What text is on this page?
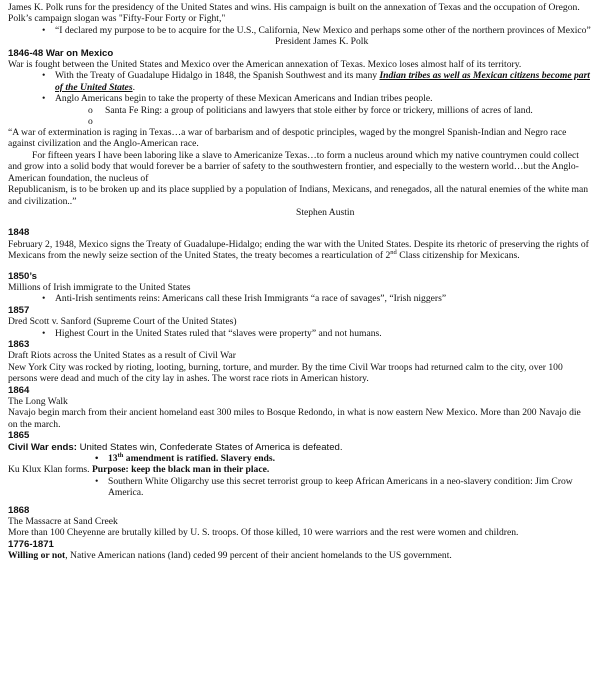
James K. Polk runs for the presidency of the United States and wins. His campaign is built on the annexation of Texas and the occupation of Oregon. Polk’s campaign slogan was "Fifty-Four Forty or Fight,"

• “I declared my purpose to be to acquire for the U.S., California, New Mexico and perhaps some other of the northern provinces of Mexico”

President James K. Polk

1846-48 War on Mexico

War is fought between the United States and Mexico over the American annexation of Texas. Mexico loses almost half of its territory.

• With the Treaty of Guadalupe Hidalgo in 1848, the Spanish Southwest and its many Indian tribes as well as Mexican citizens become part of the United States.

• Anglo Americans begin to take the property of these Mexican Americans and Indian tribes people.

o Santa Fe Ring: a group of politicians and lawyers that stole either by force or trickery, millions of acres of land.

o

“A war of extermination is raging in Texas…a war of barbarism and of despotic principles, waged by the mongrel Spanish-Indian and Negro race against civilization and the Anglo-American race.

For fifteen years I have been laboring like a slave to Americanize Texas…to form a nucleus around which my native countrymen could collect and grow into a solid body that would forever be a barrier of safety to the southwestern frontier, and especially to the western world…but the Anglo-American foundation, the nucleus of

Republicanism, is to be broken up and its place supplied by a population of Indians, Mexicans, and renegados, all the natural enemies of the white man and civilization..”

Stephen Austin

1848

February 2, 1948, Mexico signs the Treaty of Guadalupe-Hidalgo; ending the war with the United States. Despite its rhetoric of preserving the rights of Mexicans from the newly seize section of the United States, the treaty becomes a rearticulation of 2nd Class citizenship for Mexicans.

1850’s

Millions of Irish immigrate to the United States

• Anti-Irish sentiments reins: Americans call these Irish Immigrants “a race of savages”, “Irish niggers”

1857

Dred Scott v. Sanford (Supreme Court of the United States)

• Highest Court in the United States ruled that “slaves were property” and not humans.

1863

Draft Riots across the United States as a result of Civil War

New York City was rocked by rioting, looting, burning, torture, and murder. By the time Civil War troops had returned calm to the city, over 100 persons were dead and much of the city lay in ashes. The worst race riots in American history.

1864

The Long Walk

Navajo begin march from their ancient homeland east 300 miles to Bosque Redondo, in what is now eastern New Mexico. More than 200 Navajo die on the march.

1865

Civil War ends: United States win, Confederate States of America is defeated.

• 13th amendment is ratified. Slavery ends.

Ku Klux Klan forms. Purpose: keep the black man in their place.

• Southern White Oligarchy use this secret terrorist group to keep African Americans in a neo-slavery condition: Jim Crow America.

1868

The Massacre at Sand Creek

More than 100 Cheyenne are brutally killed by U. S. troops. Of those killed, 10 were warriors and the rest were women and children.

1776-1871

Willing or not, Native American nations (land) ceded 99 percent of their ancient homelands to the US government.
